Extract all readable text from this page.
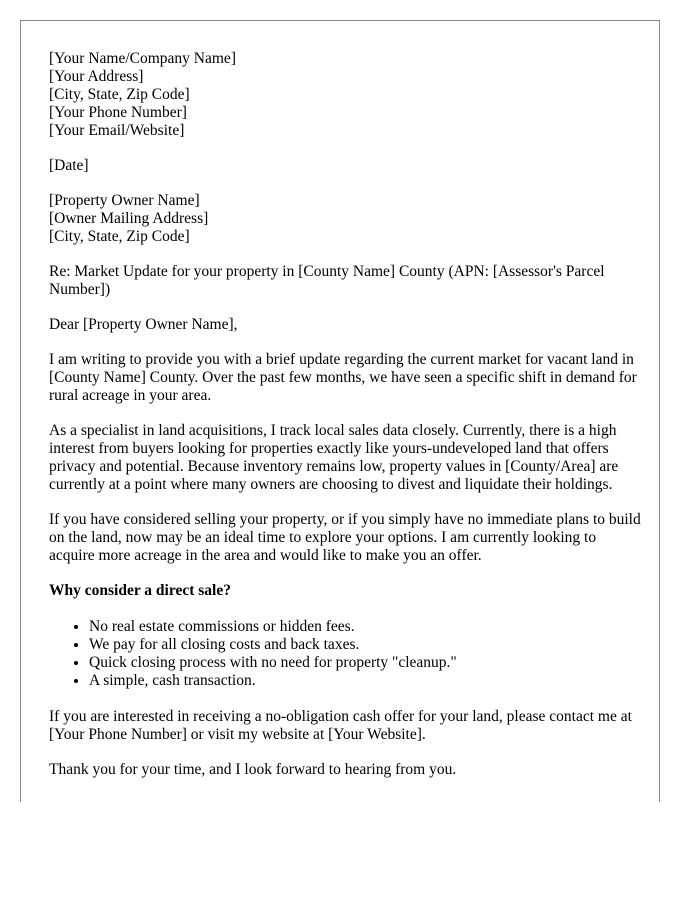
[Your Name/Company Name]
[Your Address]
[City, State, Zip Code]
[Your Phone Number]
[Your Email/Website]
[Date]
[Property Owner Name]
[Owner Mailing Address]
[City, State, Zip Code]

Re: Market Update for your property in [County Name] County (APN: [Assessor's Parcel Number])

Dear [Property Owner Name],

I am writing to provide you with a brief update regarding the current market for vacant land in [County Name] County. Over the past few months, we have seen a specific shift in demand for rural acreage in your area.

As a specialist in land acquisitions, I track local sales data closely. Currently, there is a high interest from buyers looking for properties exactly like yours-undeveloped land that offers privacy and potential. Because inventory remains low, property values in [County/Area] are currently at a point where many owners are choosing to divest and liquidate their holdings.

If you have considered selling your property, or if you simply have no immediate plans to build on the land, now may be an ideal time to explore your options. I am currently looking to acquire more acreage in the area and would like to make you an offer.

Why consider a direct sale?
• No real estate commissions or hidden fees.
• We pay for all closing costs and back taxes.
• Quick closing process with no need for property "cleanup."
• A simple, cash transaction.

If you are interested in receiving a no-obligation cash offer for your land, please contact me at [Your Phone Number] or visit my website at [Your Website].

Thank you for your time, and I look forward to hearing from you.
